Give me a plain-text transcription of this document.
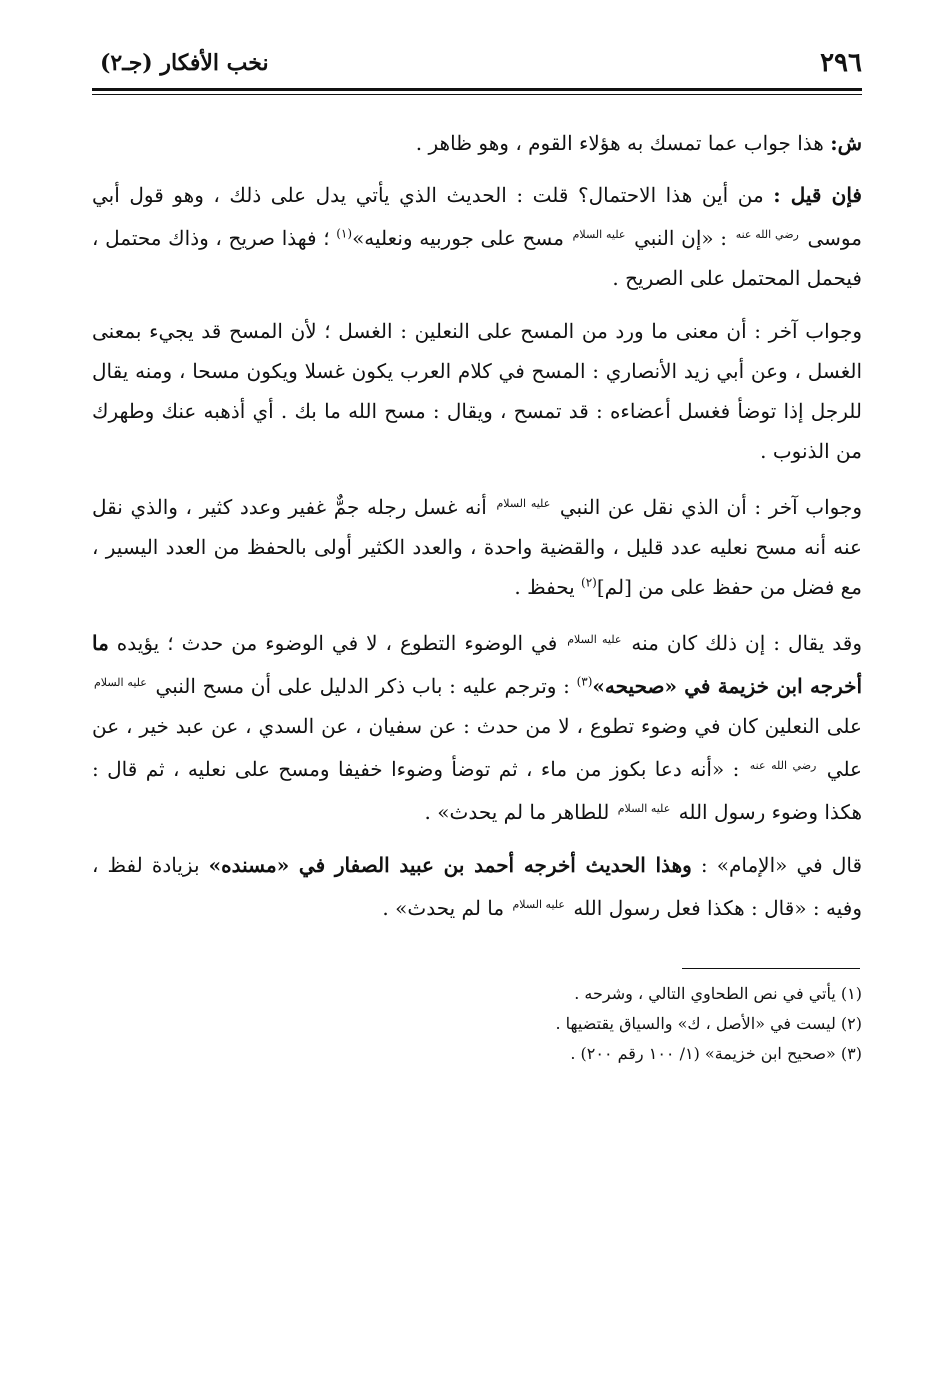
٢٩٦
نخب الأفكار (جـ٢)

ش: هذا جواب عما تمسك به هؤلاء القوم ، وهو ظاهر .

فإن قيل : من أين هذا الاحتمال؟ قلت : الحديث الذي يأتي يدل على ذلك ، وهو قول أبي موسى $^{رضي الله عنه}$ : «إن النبي $^{عليه السلام}$ مسح على جوربيه ونعليه»$^{(١)}$ ؛ فهذا صريح ، وذاك محتمل ، فيحمل المحتمل على الصريح .

وجواب آخر : أن معنى ما ورد من المسح على النعلين : الغسل ؛ لأن المسح قد يجيء بمعنى الغسل ، وعن أبي زيد الأنصاري : المسح في كلام العرب يكون غسلا ويكون مسحا ، ومنه يقال للرجل إذا توضأ فغسل أعضاءه : قد تمسح ، ويقال : مسح الله ما بك . أي أذهبه عنك وطهرك من الذنوب .

وجواب آخر : أن الذي نقل عن النبي $^{عليه السلام}$ أنه غسل رجله جمٌّ غفير وعدد كثير ، والذي نقل عنه أنه مسح نعليه عدد قليل ، والقضية واحدة ، والعدد الكثير أولى بالحفظ من العدد اليسير ، مع فضل من حفظ على من [لم]$^{(٢)}$ يحفظ .

وقد يقال : إن ذلك كان منه $^{عليه السلام}$ في الوضوء التطوع ، لا في الوضوء من حدث ؛ يؤيده ما أخرجه ابن خزيمة في «صحيحه»$^{(٣)}$ : وترجم عليه : باب ذكر الدليل على أن مسح النبي $^{عليه السلام}$ على النعلين كان في وضوء تطوع ، لا من حدث : عن سفيان ، عن السدي ، عن عبد خير ، عن علي $^{رضي الله عنه}$ : «أنه دعا بكوز من ماء ، ثم توضأ وضوءا خفيفا ومسح على نعليه ، ثم قال : هكذا وضوء رسول الله $^{عليه السلام}$ للطاهر ما لم يحدث» .

قال في «الإمام» : وهذا الحديث أخرجه أحمد بن عبيد الصفار في «مسنده» بزيادة لفظ ، وفيه : «قال : هكذا فعل رسول الله $^{عليه السلام}$ ما لم يحدث» .

(١) يأتي في نص الطحاوي التالي ، وشرحه .

(٢) ليست في «الأصل ، ك» والسياق يقتضيها .

(٣) «صحيح ابن خزيمة» (١/ ١٠٠ رقم ٢٠٠) .
